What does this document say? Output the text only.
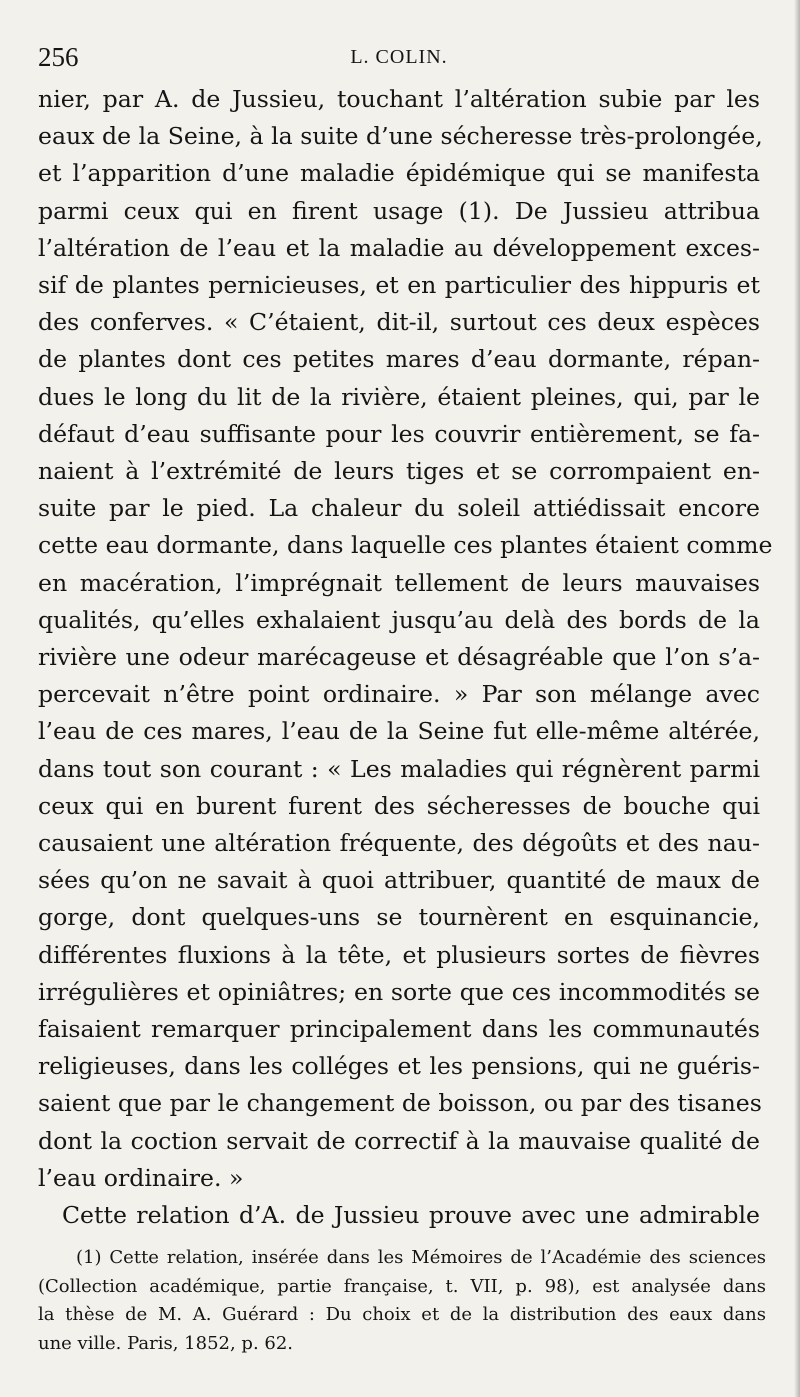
256	L. COLIN.
nier, par A. de Jussieu, touchant l’altération subie par les
eaux de la Seine, à la suite d’une sécheresse très-prolongée,
et l’apparition d’une maladie épidémique qui se manifesta
parmi ceux qui en firent usage (1). De Jussieu attribua
l’altération de l’eau et la maladie au développement exces-
sif de plantes pernicieuses, et en particulier des hippuris et
des conferves. « C’étaient, dit-il, surtout ces deux espèces
de plantes dont ces petites mares d’eau dormante, répan-
dues le long du lit de la rivière, étaient pleines, qui, par le
défaut d’eau suffisante pour les couvrir entièrement, se fa-
naient à l’extrémité de leurs tiges et se corrompaient en-
suite par le pied. La chaleur du soleil attiédissait encore
cette eau dormante, dans laquelle ces plantes étaient comme
en macération, l’imprégnait tellement de leurs mauvaises
qualités, qu’elles exhalaient jusqu’au delà des bords de la
rivière une odeur marécageuse et désagréable que l’on s’a-
percevait n’être point ordinaire. » Par son mélange avec
l’eau de ces mares, l’eau de la Seine fut elle-même altérée,
dans tout son courant : « Les maladies qui régnèrent parmi
ceux qui en burent furent des sécheresses de bouche qui
causaient une altération fréquente, des dégoûts et des nau-
sées qu’on ne savait à quoi attribuer, quantité de maux de
gorge, dont quelques-uns se tournèrent en esquinancie,
différentes fluxions à la tête, et plusieurs sortes de fièvres
irrégulières et opiniâtres; en sorte que ces incommodités se
faisaient remarquer principalement dans les communautés
religieuses, dans les colléges et les pensions, qui ne guéris-
saient que par le changement de boisson, ou par des tisanes
dont la coction servait de correctif à la mauvaise qualité de
l’eau ordinaire. »
Cette relation d’A. de Jussieu prouve avec une admirable
(1) Cette relation, insérée dans les Mémoires de l’Académie des sciences
(Collection académique, partie française, t. VII, p. 98), est analysée dans
la thèse de M. A. Guérard : Du choix et de la distribution des eaux dans
une ville. Paris, 1852, p. 62.
